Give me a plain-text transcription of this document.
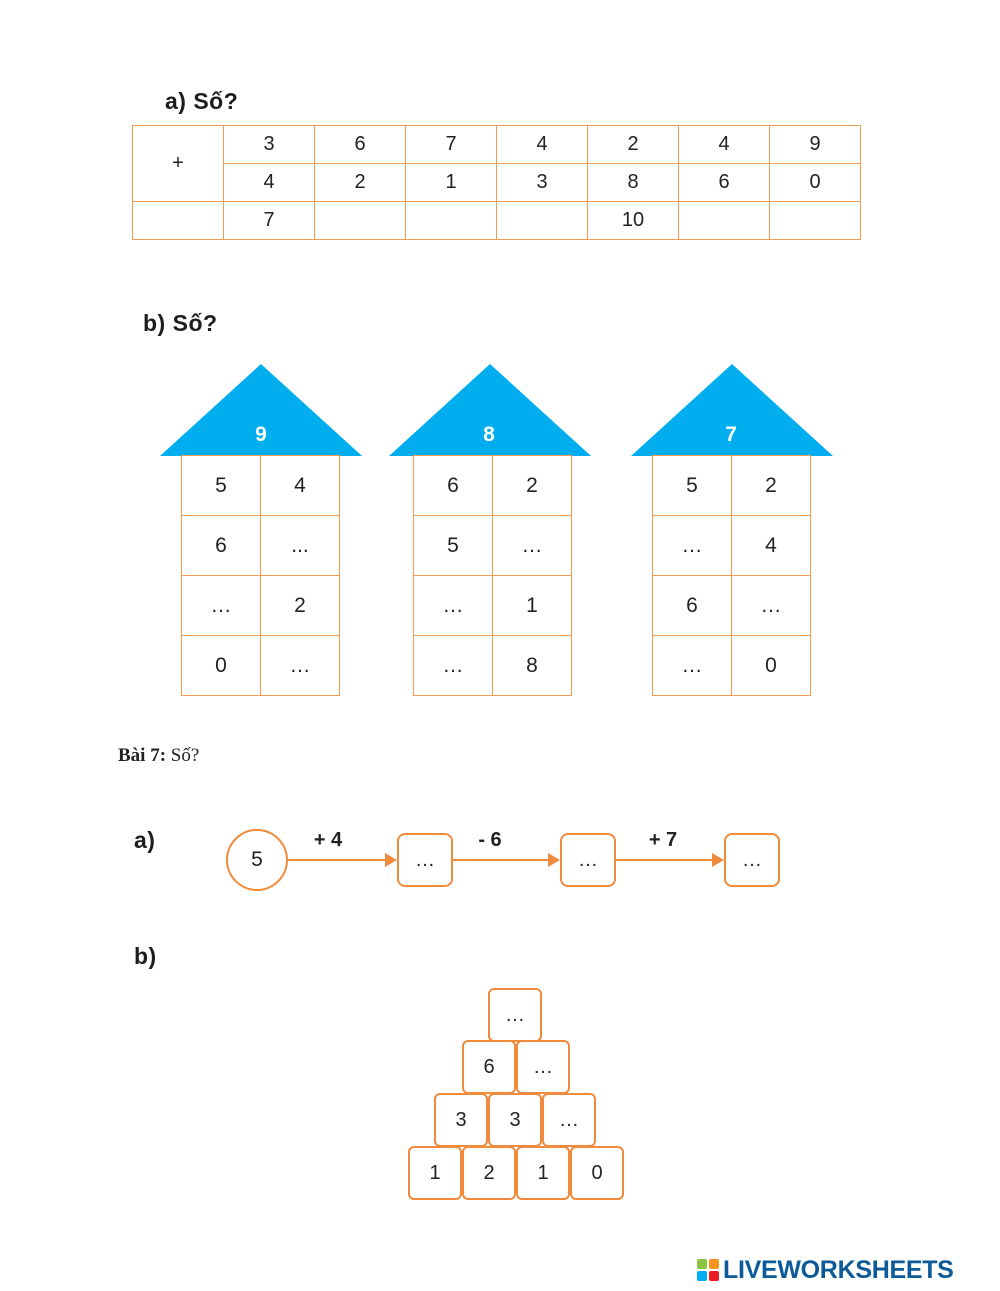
a) Số?
+	3	6	7	4	2	4	9
	4	2	1	3	8	6	0
	7				10		
b) Số?
9
5	4
6	...
…	2
0	…
8
6	2
5	…
…	1
…	8
7
5	2
…	4
6	…
…	0
Bài 7: Số?
a)
5
+ 4
…
- 6
…
+ 7
…
b)
…
6	…
3	3	…
1	2	1	0
LIVEWORKSHEETS
